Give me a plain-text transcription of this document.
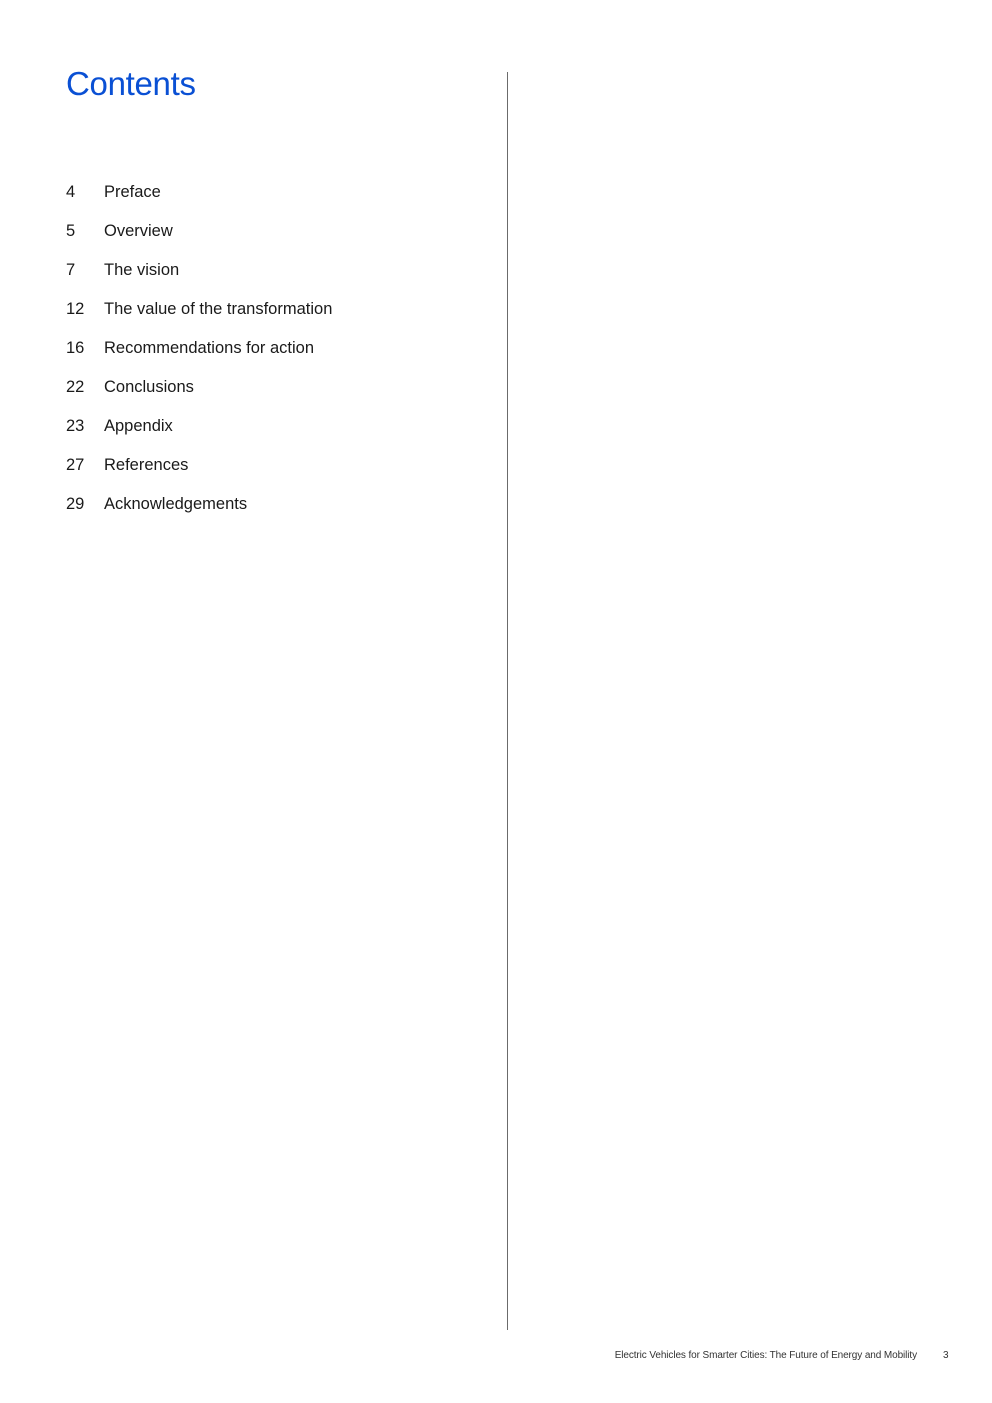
Contents
4	Preface
5	Overview
7	The vision
12	The value of the transformation
16	Recommendations for action
22	Conclusions
23	Appendix
27	References
29	Acknowledgements
Electric Vehicles for Smarter Cities: The Future of Energy and Mobility	3
